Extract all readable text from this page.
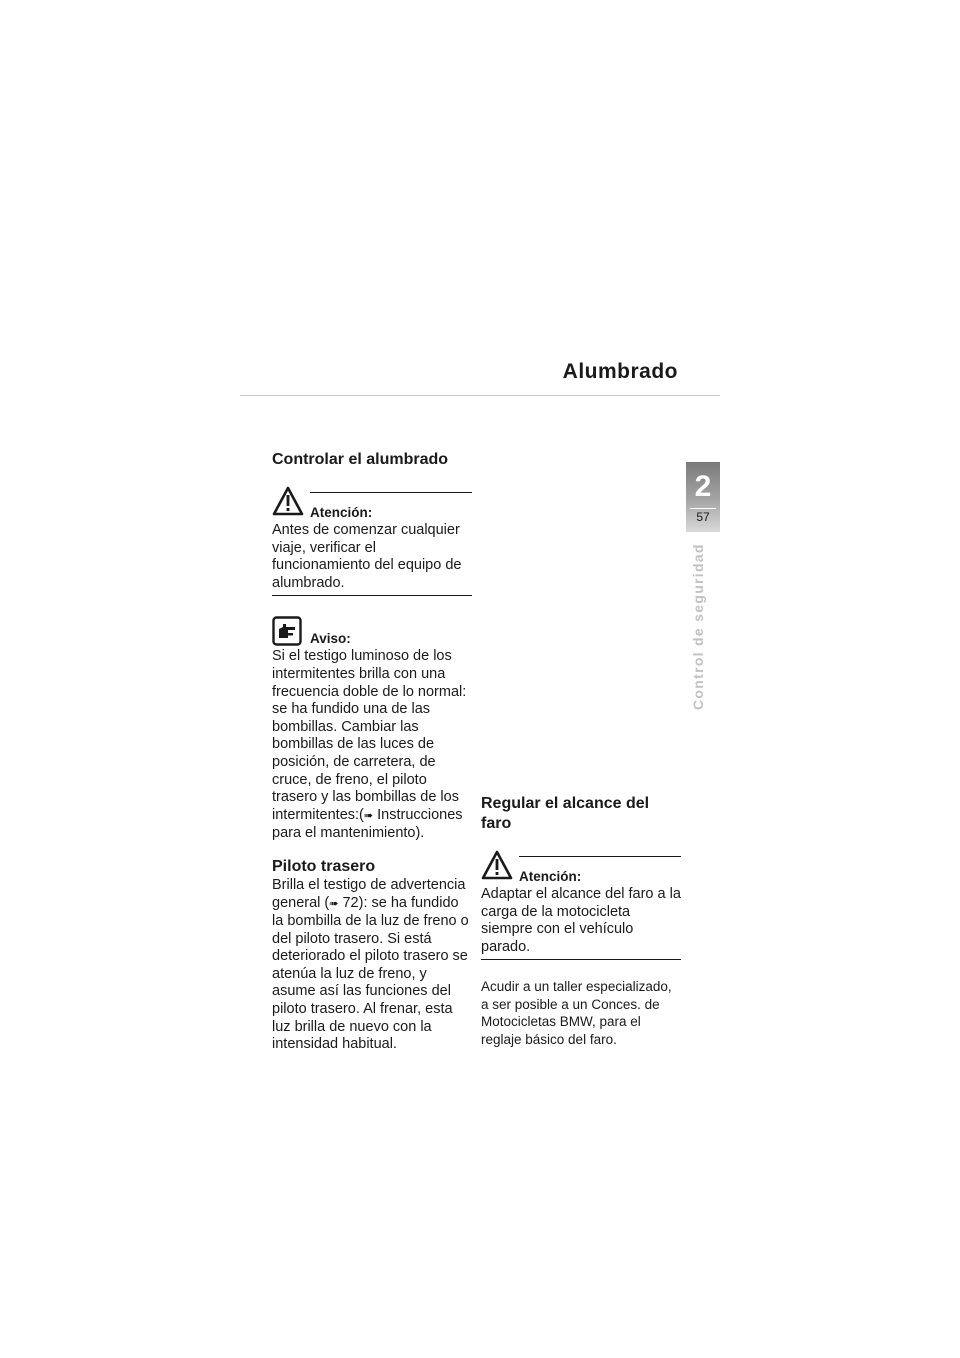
Alumbrado
2
57
Control de seguridad
Controlar el alumbrado
Atención:

Antes de comenzar cualquier viaje, verificar el funcionamiento del equipo de alumbrado.

Aviso:

Si el testigo luminoso de los intermitentes brilla con una frecuencia doble de lo normal: se ha fundido una de las bombillas. Cambiar las bombillas de las luces de posición, de carretera, de cruce, de freno, el piloto trasero y las bombillas de los intermitentes:(➠ Instrucciones para el mantenimiento).

Piloto trasero

Brilla el testigo de advertencia general (➠ 72): se ha fundido la bombilla de la luz de freno o del piloto trasero. Si está deteriorado el piloto trasero se atenúa la luz de freno, y asume así las funciones del piloto trasero. Al frenar, esta luz brilla de nuevo con la intensidad habitual.

Regular el alcance del faro
Atención:

Adaptar el alcance del faro a la carga de la motocicleta siempre con el vehículo parado.

Acudir a un taller especializado, a ser posible a un Conces. de Motocicletas BMW, para el reglaje básico del faro.
